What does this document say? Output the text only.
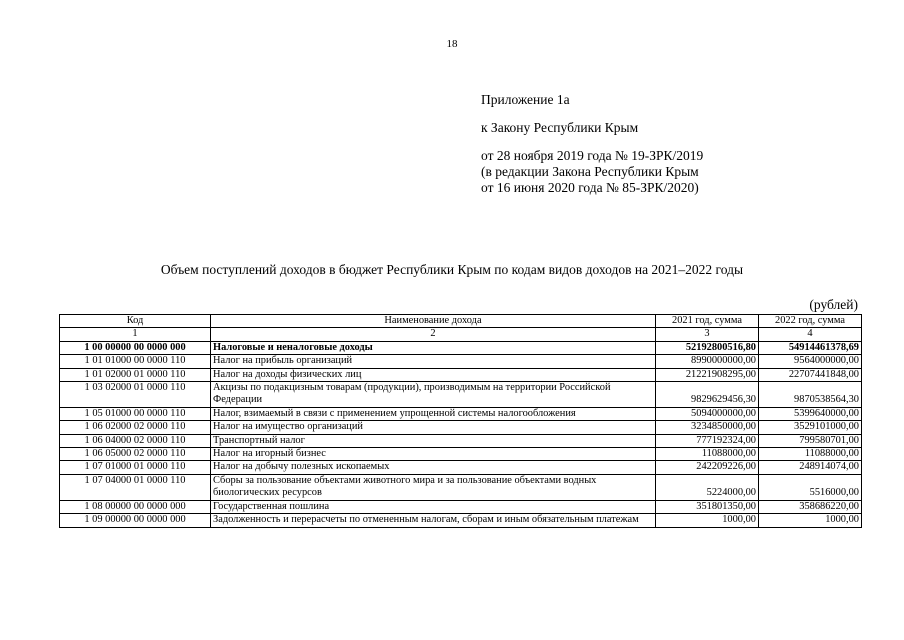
18
Приложение 1а
к Закону Республики Крым
от 28 ноября 2019 года № 19-ЗРК/2019
(в редакции Закона Республики Крым
от 16 июня 2020 года № 85-ЗРК/2020)
Объем поступлений доходов в бюджет Республики Крым по кодам видов доходов на 2021–2022 годы
(рублей)
Код	Наименование дохода	2021 год, сумма	2022 год, сумма
1	2	3	4
1 00 00000 00 0000 000	Налоговые и неналоговые доходы	52192800516,80	54914461378,69
1 01 01000 00 0000 110	Налог на прибыль организаций	8990000000,00	9564000000,00
1 01 02000 01 0000 110	Налог на доходы физических лиц	21221908295,00	22707441848,00
1 03 02000 01 0000 110	Акцизы по подакцизным товарам (продукции), производимым на территории Российской Федерации	9829629456,30	9870538564,30
1 05 01000 00 0000 110	Налог, взимаемый в связи с применением упрощенной системы налогообложения	5094000000,00	5399640000,00
1 06 02000 02 0000 110	Налог на имущество организаций	3234850000,00	3529101000,00
1 06 04000 02 0000 110	Транспортный налог	777192324,00	799580701,00
1 06 05000 02 0000 110	Налог на игорный бизнес	11088000,00	11088000,00
1 07 01000 01 0000 110	Налог на добычу полезных ископаемых	242209226,00	248914074,00
1 07 04000 01 0000 110	Сборы за пользование объектами животного мира и за пользование объектами водных биологических ресурсов	5224000,00	5516000,00
1 08 00000 00 0000 000	Государственная пошлина	351801350,00	358686220,00
1 09 00000 00 0000 000	Задолженность и перерасчеты по отмененным налогам, сборам и иным обязательным платежам	1000,00	1000,00
